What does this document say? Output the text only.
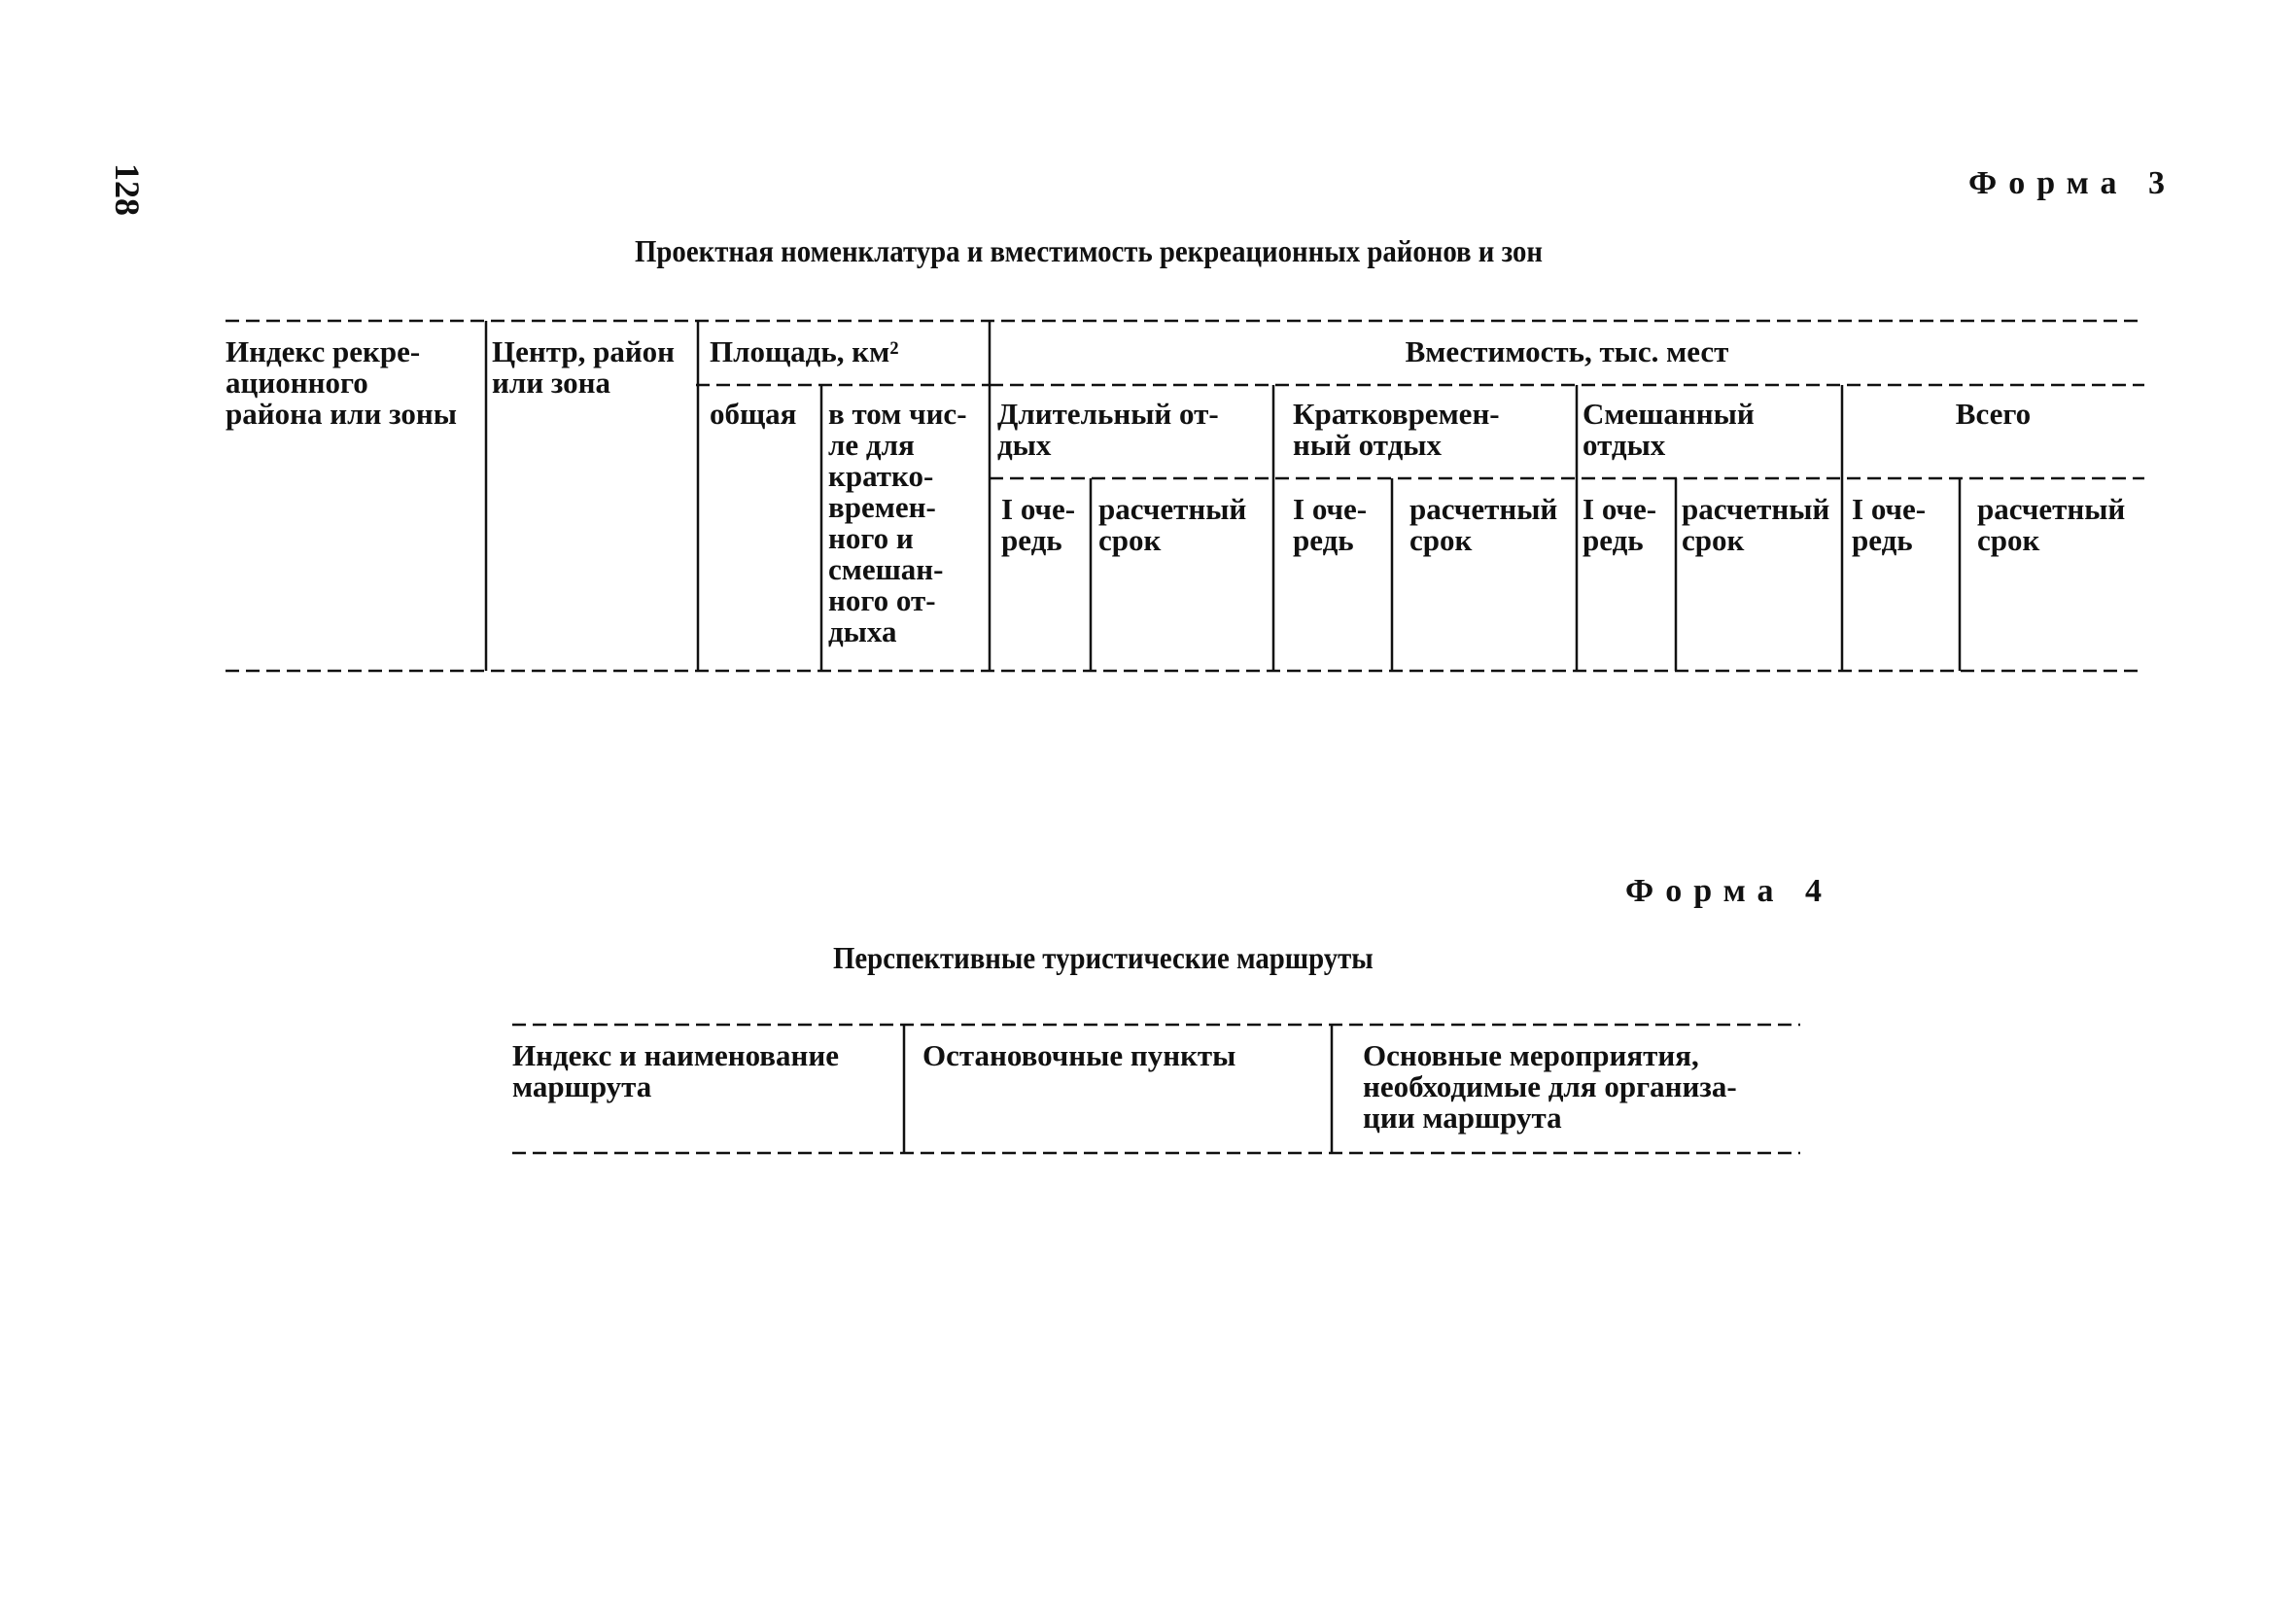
128	Форма 3
Проектная номенклатура и вместимость рекреационных районов и зон
Индекс рекре-
ационного
района или зоны
Центр, район
или зона
Площадь, км²
общая в том чис-
ле для
кратко-
времен-
ного и
смешан-
ного от-
дыха
Вместимость, тыс. мест
Длительный от-
дых
Кратковремен-
ный отдых
Смешанный
отдых
Всего
I оче-
редь
расчетный
срок
I оче-
редь
расчетный
срок
I оче-
редь
расчетный
срок
I оче-
редь
расчетный
срок
Форма 4
Перспективные туристические маршруты
Индекс и наименование
маршрута
Остановочные пункты	Основные мероприятия,
необходимые для организа-
ции маршрута
